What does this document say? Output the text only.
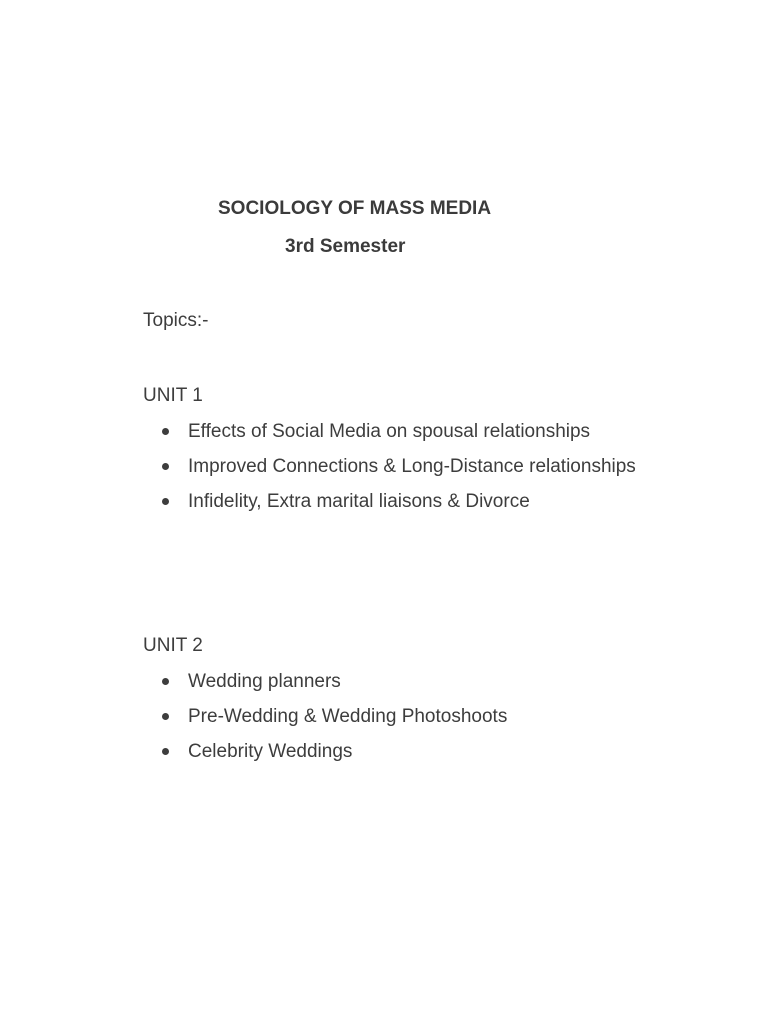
SOCIOLOGY OF MASS MEDIA
3rd Semester
Topics:-
UNIT 1
Effects of Social Media on spousal relationships
Improved Connections & Long-Distance relationships
Infidelity, Extra marital liaisons & Divorce
UNIT 2
Wedding planners
Pre-Wedding & Wedding Photoshoots
Celebrity Weddings
